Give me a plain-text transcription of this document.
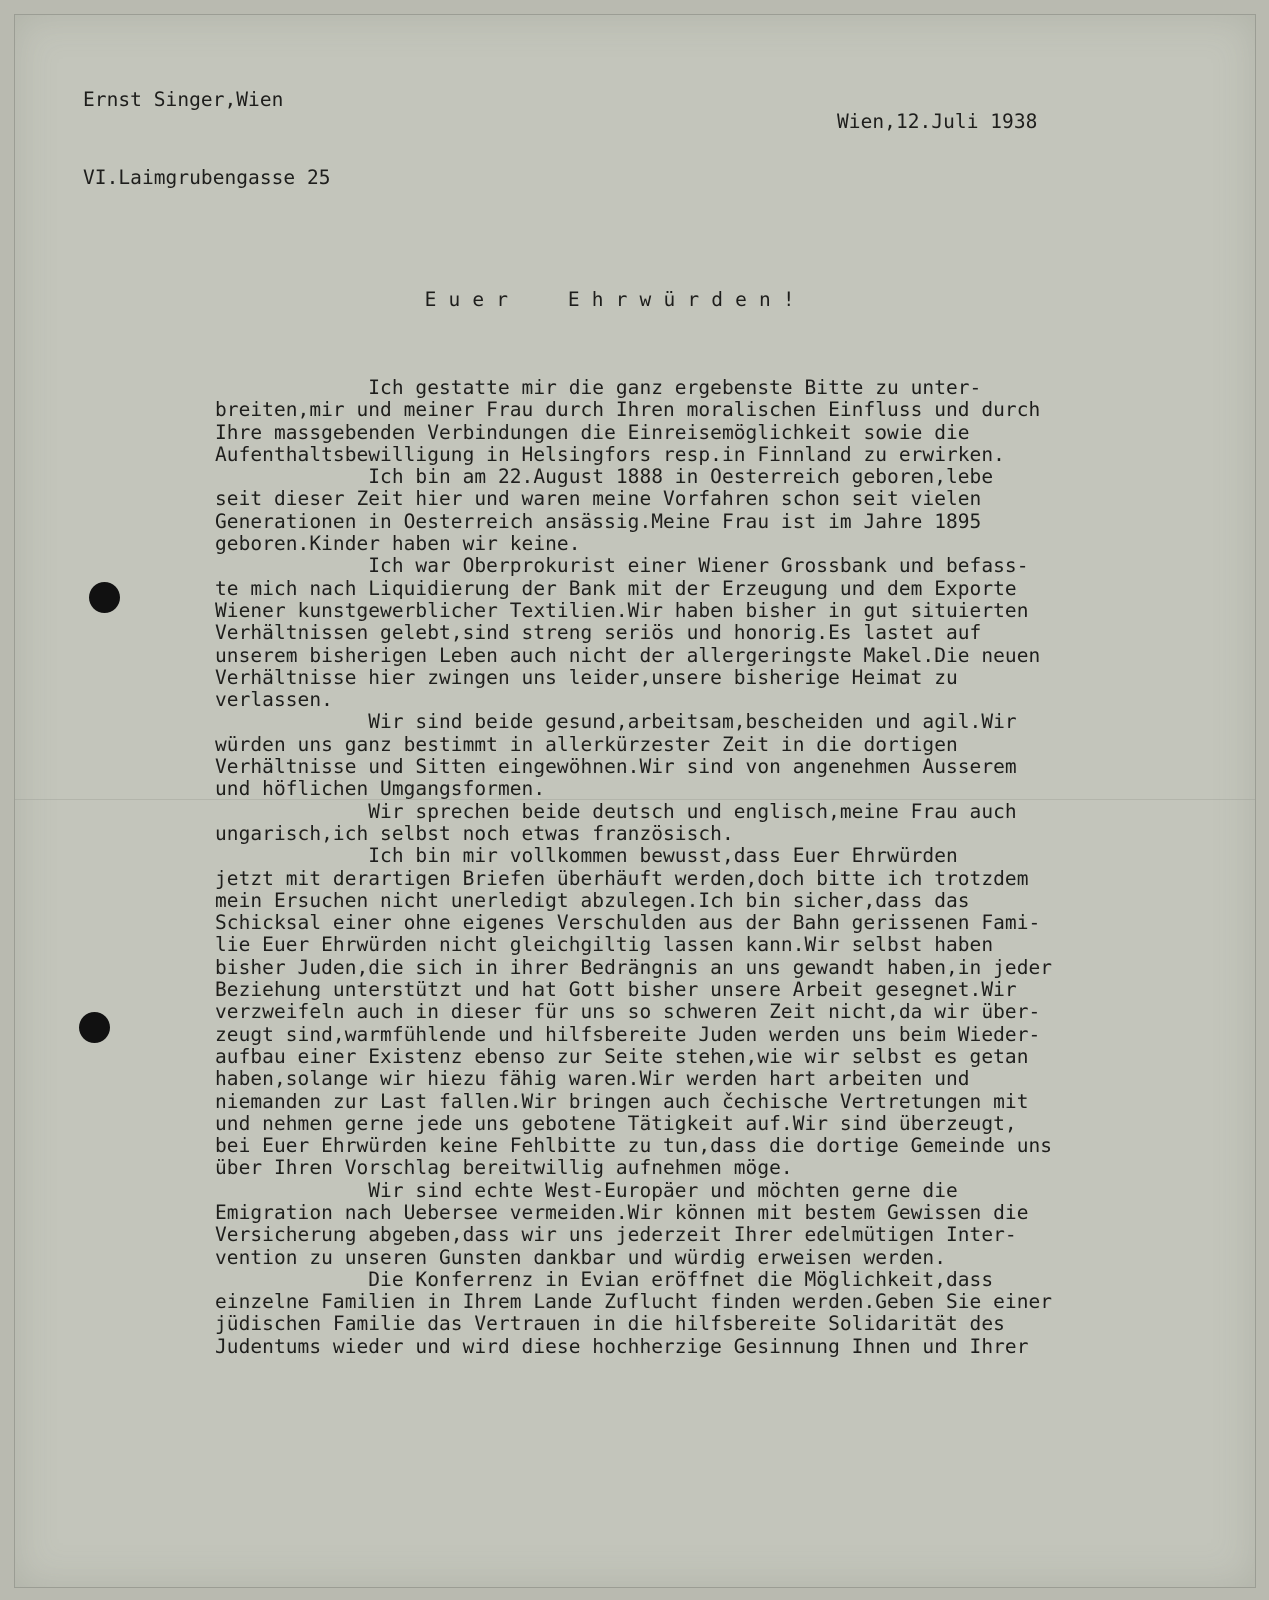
Ernst Singer,Wien

VI.Laimgrubengasse 25

Wien,12.Juli 1938

E u e r     E h r w ü r d e n !

Ich gestatte mir die ganz ergebenste Bitte zu unter-
breiten,mir und meiner Frau durch Ihren moralischen Einfluss und durch
Ihre massgebenden Verbindungen die Einreisemöglichkeit sowie die
Aufenthaltsbewilligung in Helsingfors resp.in Finnland zu erwirken.
Ich bin am 22.August 1888 in Oesterreich geboren,lebe
seit dieser Zeit hier und waren meine Vorfahren schon seit vielen
Generationen in Oesterreich ansässig.Meine Frau ist im Jahre 1895
geboren.Kinder haben wir keine.
Ich war Oberprokurist einer Wiener Grossbank und befass-
te mich nach Liquidierung der Bank mit der Erzeugung und dem Exporte
Wiener kunstgewerblicher Textilien.Wir haben bisher in gut situierten
Verhältnissen gelebt,sind streng seriös und honorig.Es lastet auf
unserem bisherigen Leben auch nicht der allergeringste Makel.Die neuen
Verhältnisse hier zwingen uns leider,unsere bisherige Heimat zu
verlassen.
Wir sind beide gesund,arbeitsam,bescheiden und agil.Wir
würden uns ganz bestimmt in allerkürzester Zeit in die dortigen
Verhältnisse und Sitten eingewöhnen.Wir sind von angenehmen Ausserem
und höflichen Umgangsformen.
Wir sprechen beide deutsch und englisch,meine Frau auch
ungarisch,ich selbst noch etwas französisch.
Ich bin mir vollkommen bewusst,dass Euer Ehrwürden
jetzt mit derartigen Briefen überhäuft werden,doch bitte ich trotzdem
mein Ersuchen nicht unerledigt abzulegen.Ich bin sicher,dass das
Schicksal einer ohne eigenes Verschulden aus der Bahn gerissenen Fami-
lie Euer Ehrwürden nicht gleichgiltig lassen kann.Wir selbst haben
bisher Juden,die sich in ihrer Bedrängnis an uns gewandt haben,in jeder
Beziehung unterstützt und hat Gott bisher unsere Arbeit gesegnet.Wir
verzweifeln auch in dieser für uns so schweren Zeit nicht,da wir über-
zeugt sind,warmfühlende und hilfsbereite Juden werden uns beim Wieder-
aufbau einer Existenz ebenso zur Seite stehen,wie wir selbst es getan
haben,solange wir hiezu fähig waren.Wir werden hart arbeiten und
niemanden zur Last fallen.Wir bringen auch čechische Vertretungen mit
und nehmen gerne jede uns gebotene Tätigkeit auf.Wir sind überzeugt,
bei Euer Ehrwürden keine Fehlbitte zu tun,dass die dortige Gemeinde uns
über Ihren Vorschlag bereitwillig aufnehmen möge.
Wir sind echte West-Europäer und möchten gerne die
Emigration nach Uebersee vermeiden.Wir können mit bestem Gewissen die
Versicherung abgeben,dass wir uns jederzeit Ihrer edelmütigen Inter-
vention zu unseren Gunsten dankbar und würdig erweisen werden.
Die Konferrenz in Evian eröffnet die Möglichkeit,dass
einzelne Familien in Ihrem Lande Zuflucht finden werden.Geben Sie einer
jüdischen Familie das Vertrauen in die hilfsbereite Solidarität des
Judentums wieder und wird diese hochherzige Gesinnung Ihnen und Ihrer
